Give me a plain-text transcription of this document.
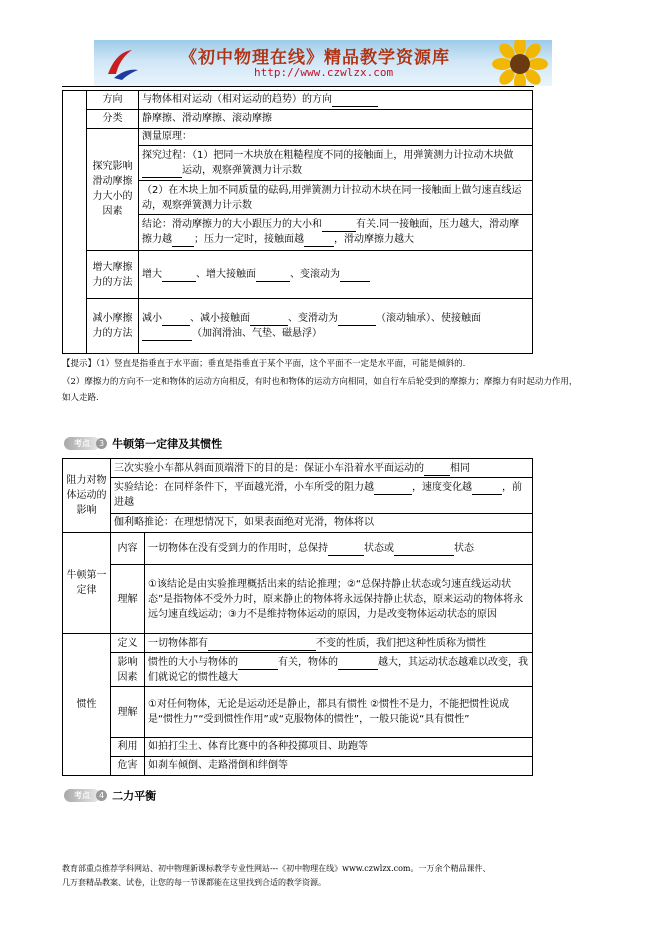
《初中物理在线》精品教学资源库
http://www.czwlzx.com
	方向	与物体相对运动（相对运动的趋势）的方向
	分类	静摩擦、滑动摩擦、滚动摩擦
	探究影响滑动摩擦力大小的因素	测量原理：
		探究过程：（1）把同一木块放在粗糙程度不同的接触面上，用弹簧测力计拉动木块做运动，观察弹簧测力计示数
		（2）在木块上加不同质量的砝码,用弹簧测力计拉动木块在同一接触面上做匀速直线运动，观察弹簧测力计示数
		结论：滑动摩擦力的大小跟压力的大小和 有关.同一接触面，压力越大，滑动摩擦力越 ；压力一定时，接触面越 ，滑动摩擦力越大
	增大摩擦力的方法	增大 、增大接触面 、变滚动为
	减小摩擦力的方法	减小 、减小接触面 、变滑动为 （滚动轴承）、使接触面（加润滑油、气垫、磁悬浮）
【提示】（1）竖直是指垂直于水平面；垂直是指垂直于某个平面，这个平面不一定是水平面，可能是倾斜的.
（2）摩擦力的方向不一定和物体的运动方向相反，有时也和物体的运动方向相同，如自行车后轮受到的摩擦力；摩擦力有时起动力作用，如人走路.
考点 3 牛顿第一定律及其惯性
阻力对物体运动的影响	三次实验小车都从斜面顶端滑下的目的是：保证小车沿着水平面运动的 相同	
	实验结论：在同样条件下，平面越光滑，小车所受的阻力越 ，速度变化越 ，前进越	
	伽利略推论：在理想情况下，如果表面绝对光滑，物体将以	
牛顿第一定律	内容	一切物体在没有受到力的作用时，总保持 状态或 状态
	理解	①该结论是由实验推理概括出来的结论推理；②“总保持静止状态或匀速直线运动状态”是指物体不受外力时，原来静止的物体将永远保持静止状态，原来运动的物体将永远匀速直线运动；③力不是维持物体运动的原因，力是改变物体运动状态的原因
惯性	定义	一切物体都有 不变的性质，我们把这种性质称为惯性
	影响因素	惯性的大小与物体的 有关，物体的 越大，其运动状态越难以改变，我们就说它的惯性越大
	理解	①对任何物体，无论是运动还是静止，都具有惯性 ②惯性不是力，不能把惯性说成是“惯性力”“受到惯性作用”或“克服物体的惯性”，一般只能说“具有惯性”
	利用	如拍打尘土、体育比赛中的各种投掷项目、助跑等
	危害	如刹车倾倒、走路滑倒和绊倒等
考点 4 二力平衡
教育部重点推荐学科网站、初中物理新课标教学专业性网站---《初中物理在线》www.czwlzx.com。一万余个精品课件、
几万套精品教案、试卷，让您的每一节课都能在这里找到合适的教学资源。
